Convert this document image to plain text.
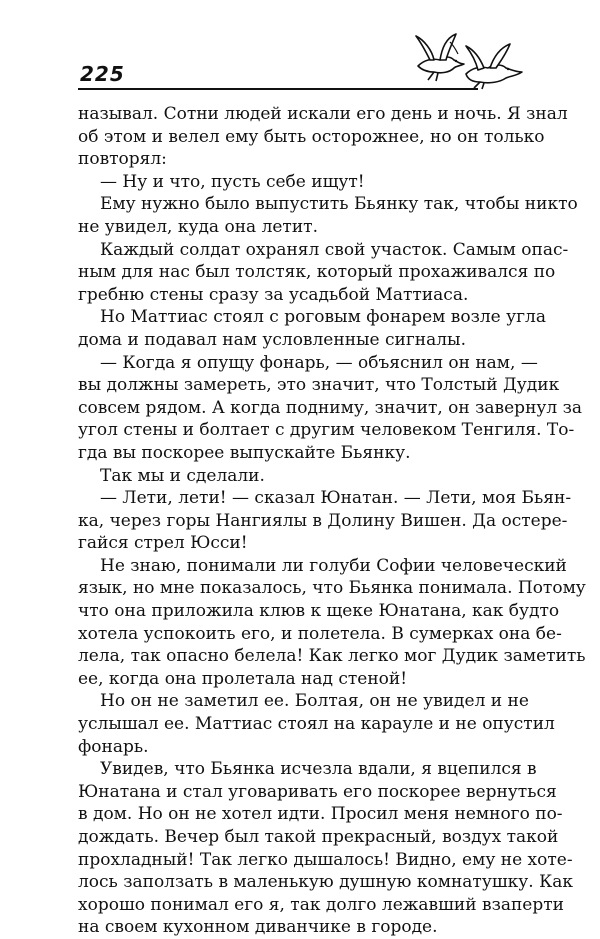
225
называл. Сотни людей искали его день и ночь. Я знал
об этом и велел ему быть осторожнее, но он только
повторял:
— Ну и что, пусть себе ищут!
Ему нужно было выпустить Бьянку так, чтобы никто
не увидел, куда она летит.
Каждый солдат охранял свой участок. Самым опас-
ным для нас был толстяк, который прохаживался по
гребню стены сразу за усадьбой Маттиаса.
Но Маттиас стоял с роговым фонарем возле угла
дома и подавал нам условленные сигналы.
— Когда я опущу фонарь, — объяснил он нам, —
вы должны замереть, это значит, что Толстый Дудик
совсем рядом. А когда подниму, значит, он завернул за
угол стены и болтает с другим человеком Тенгиля. То-
гда вы поскорее выпускайте Бьянку.
Так мы и сделали.
— Лети, лети! — сказал Юнатан. — Лети, моя Бьян-
ка, через горы Нангиялы в Долину Вишен. Да остере-
гайся стрел Юсси!
Не знаю, понимали ли голуби Софии человеческий
язык, но мне показалось, что Бьянка понимала. Потому
что она приложила клюв к щеке Юнатана, как будто
хотела успокоить его, и полетела. В сумерках она бе-
лела, так опасно белела! Как легко мог Дудик заметить
ее, когда она пролетала над стеной!
Но он не заметил ее. Болтая, он не увидел и не
услышал ее. Маттиас стоял на карауле и не опустил
фонарь.
Увидев, что Бьянка исчезла вдали, я вцепился в
Юнатана и стал уговаривать его поскорее вернуться
в дом. Но он не хотел идти. Просил меня немного по-
дождать. Вечер был такой прекрасный, воздух такой
прохладный! Так легко дышалось! Видно, ему не хоте-
лось заползать в маленькую душную комнатушку. Как
хорошо понимал его я, так долго лежавший взаперти
на своем кухонном диванчике в городе.
